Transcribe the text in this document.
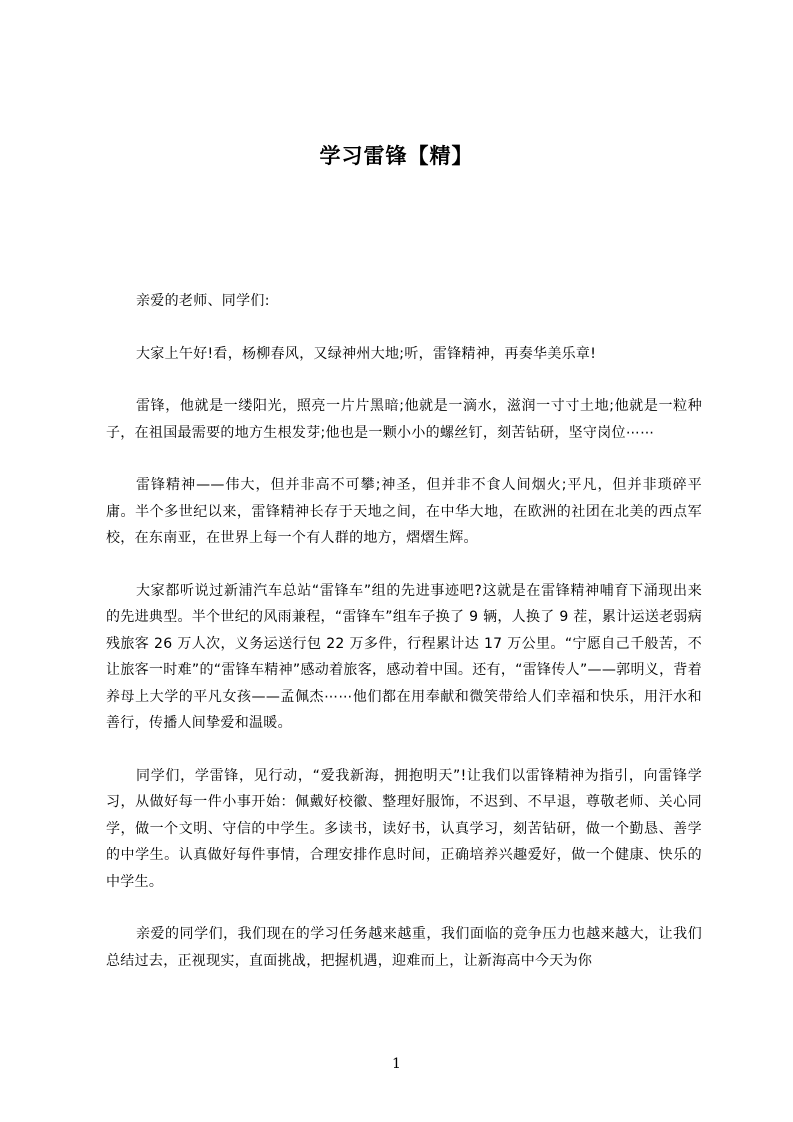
学习雷锋【精】

亲爱的老师、同学们:

大家上午好!看，杨柳春风，又绿神州大地;听，雷锋精神，再奏华美乐章!

雷锋，他就是一缕阳光，照亮一片片黑暗;他就是一滴水，滋润一寸寸土地;他就是一粒种子，在祖国最需要的地方生根发芽;他也是一颗小小的螺丝钉，刻苦钻研，坚守岗位⋯⋯

雷锋精神——伟大，但并非高不可攀;神圣，但并非不食人间烟火;平凡，但并非琐碎平庸。半个多世纪以来，雷锋精神长存于天地之间，在中华大地，在欧洲的社团在北美的西点军校，在东南亚，在世界上每一个有人群的地方，熠熠生辉。

大家都听说过新浦汽车总站“雷锋车”组的先进事迹吧?这就是在雷锋精神哺育下涌现出来的先进典型。半个世纪的风雨兼程，“雷锋车”组车子换了 9 辆，人换了 9 茬，累计运送老弱病残旅客 26 万人次，义务运送行包 22 万多件，行程累计达 17 万公里。“宁愿自己千般苦，不让旅客一时难”的“雷锋车精神”感动着旅客，感动着中国。还有，“雷锋传人”——郭明义，背着养母上大学的平凡女孩——孟佩杰⋯⋯他们都在用奉献和微笑带给人们幸福和快乐，用汗水和善行，传播人间挚爱和温暖。

同学们，学雷锋，见行动，“爱我新海，拥抱明天”!让我们以雷锋精神为指引，向雷锋学习，从做好每一件小事开始：佩戴好校徽、整理好服饰，不迟到、不早退，尊敬老师、关心同学，做一个文明、守信的中学生。多读书，读好书，认真学习，刻苦钻研，做一个勤恳、善学的中学生。认真做好每件事情，合理安排作息时间，正确培养兴趣爱好，做一个健康、快乐的中学生。

亲爱的同学们，我们现在的学习任务越来越重，我们面临的竞争压力也越来越大，让我们总结过去，正视现实，直面挑战，把握机遇，迎难而上，让新海高中今天为你

1
